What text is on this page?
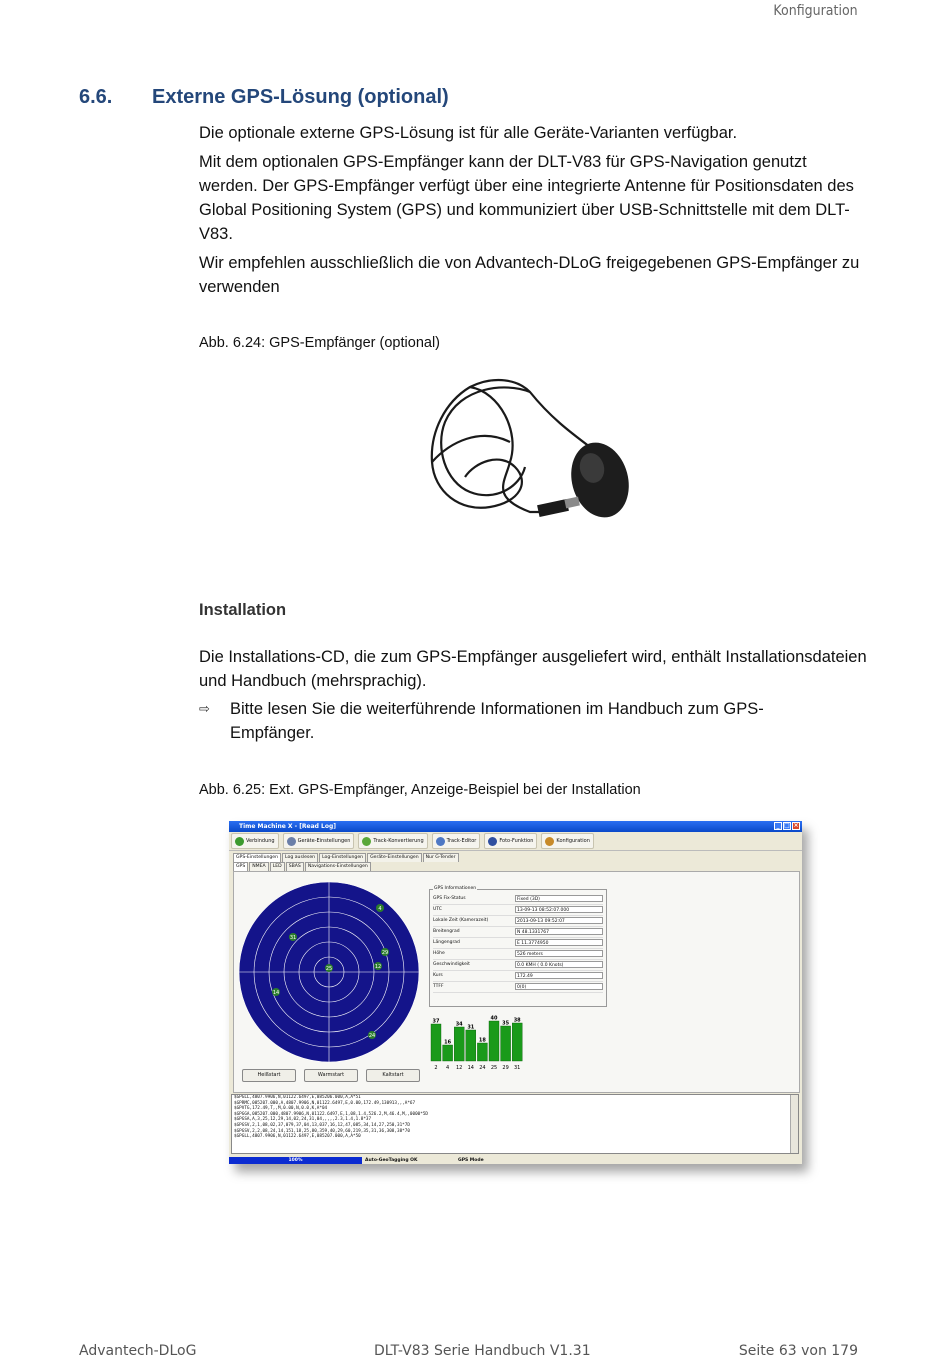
Konfiguration
6.6. Externe GPS-Lösung (optional)
Die optionale externe GPS-Lösung ist für alle Geräte-Varianten verfügbar.
Mit dem optionalen GPS-Empfänger kann der DLT-V83 für GPS-Navigation genutzt werden. Der GPS-Empfänger verfügt über eine integrierte Antenne für Positionsdaten des Global Positioning System (GPS) und kommuniziert über USB-Schnittstelle mit dem DLT-V83.
Wir empfehlen ausschließlich die von Advantech-DLoG freigegebenen GPS-Empfänger zu verwenden
Abb. 6.24: GPS-Empfänger (optional)
Installation
Die Installations-CD, die zum GPS-Empfänger ausgeliefert wird, enthält Installationsdateien und Handbuch (mehrsprachig).
⇨ Bitte lesen Sie die weiterführende Informationen im Handbuch zum GPS-Empfänger.
Abb. 6.25: Ext. GPS-Empfänger, Anzeige-Beispiel bei der Installation
Time Machine X - [Read Log]	_ □ ×
Verbindung	Geräte-Einstellungen	Track-Konvertierung	Track-Editor	Foto-Funktion	Konfiguration
GPS-Einstellungen	Log auslesen	Log-Einstellungen	Geräte-Einstellungen	Nur G-Tender
GPS	NMEA	LED	SBAS	Navigations-Einstellungen
4
31
29
25	12
14
24
Heißstart	Warmstart	Kaltstart
GPS Informationen
GPS Fix-Status	Fixed (3D)
UTC	13-09-13 08:52:07.000
Lokale Zeit (Kamerazeit)	2013-09-13 09:52:07
Breitengrad	N 48.1331767
Längengrad	E 11.3774950
Höhe	526 meters
Geschwindigkeit	0.0 KMH ( 0.0 Knots)
Kurs	172.49
TTFF	0(0)
37
2
16
4
34
12
31
14
18
24
40
25
35
29
38
31
$GPGLL,4807.9906,N,01122.6497,E,085206.000,A,A*51
$GPRMC,085207.000,A,4807.9906,N,01122.6497,E,0.00,172.49,130913,,,A*67
$GPVTG,172.49,T,,M,0.00,N,0.0,K,A*04
$GPGGA,085207.000,4807.9906,N,01122.6497,E,1,08,1.4,526.2,M,46.4,M,,0000*5D
$GPGSA,A,3,25,12,29,14,02,24,31,04,,,,,2.3,1.4,1.8*37
$GPGSV,2,1,08,02,37,079,37,04,13,037,16,12,47,085,34,14,27,250,31*7D
$GPGSV,2,2,08,24,14,151,18,25,80,359,40,29,60,219,35,31,36,308,38*70
$GPGLL,4807.9906,N,01122.6497,E,085207.000,A,A*50
100%	Auto-GeoTagging OK	GPS Mode
Advantech-DLoG	DLT-V83 Serie Handbuch V1.31	Seite 63 von 179
